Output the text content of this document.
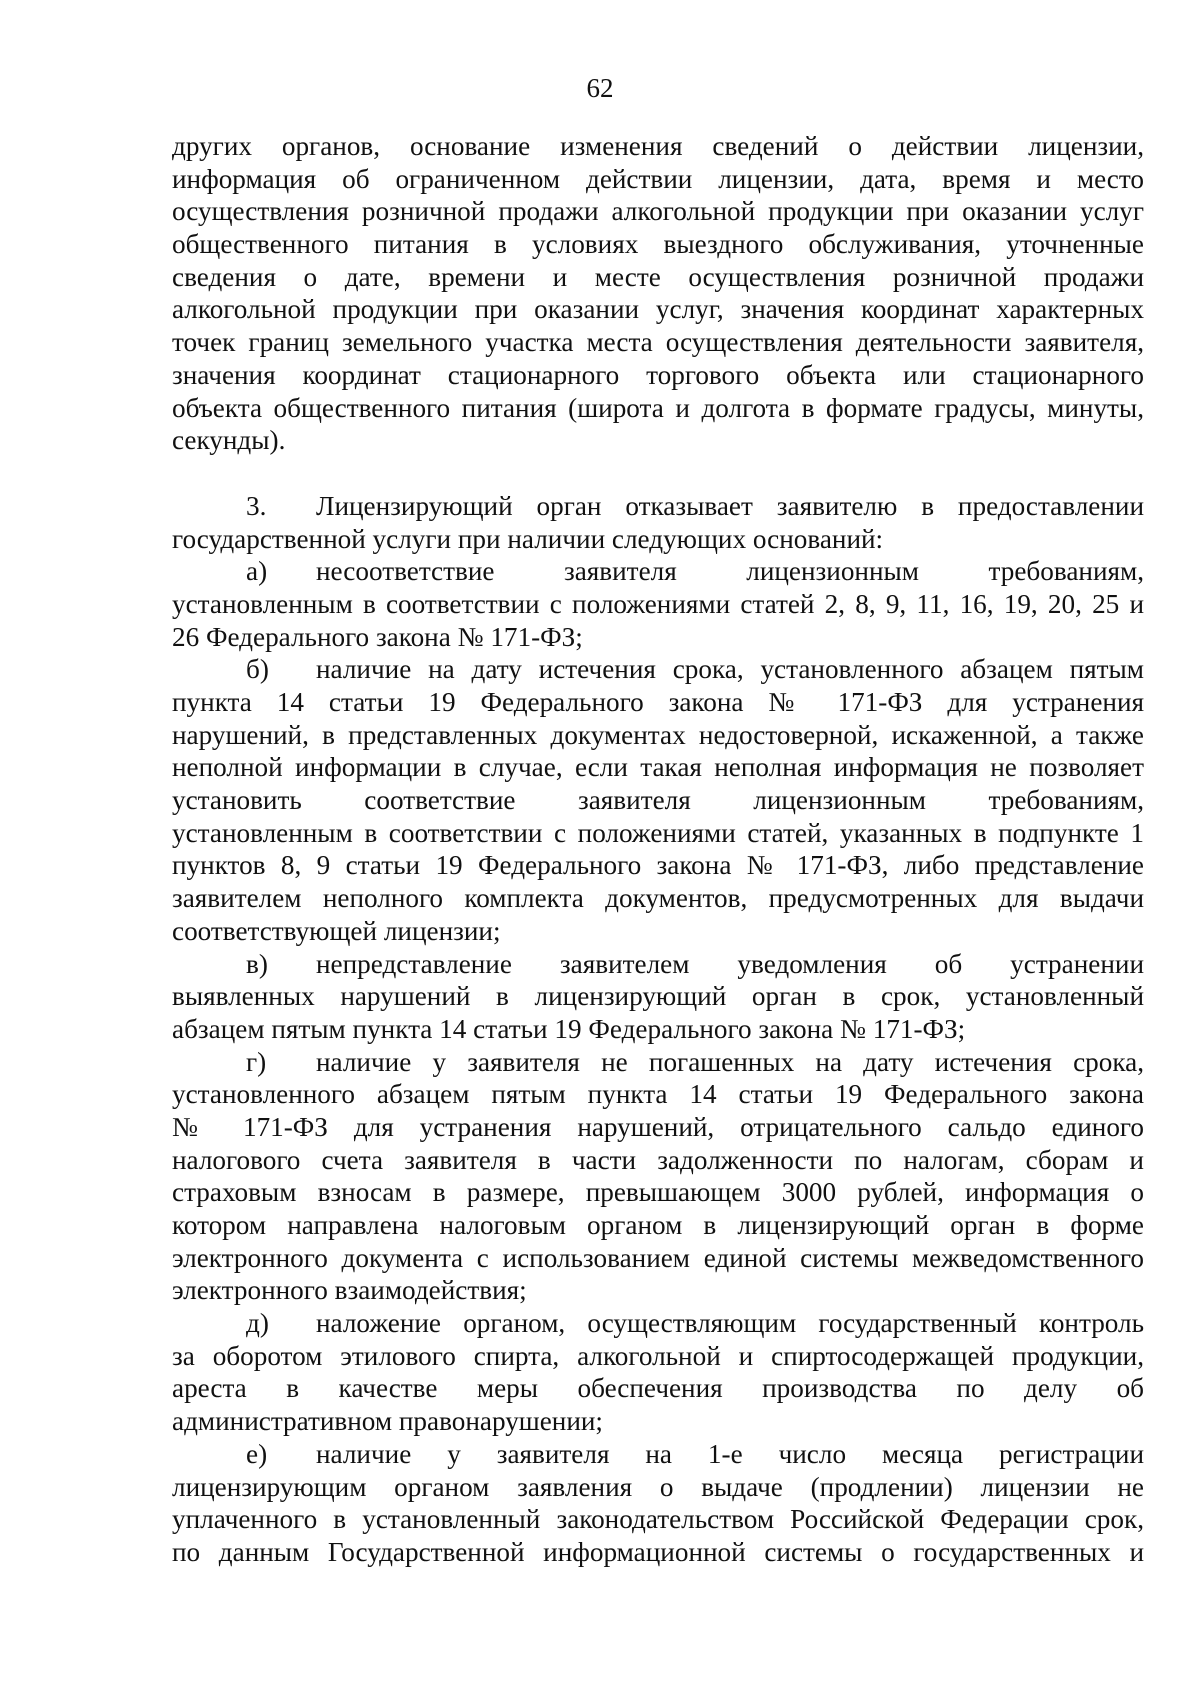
62
других органов, основание изменения сведений о действии лицензии,
информация об ограниченном действии лицензии, дата, время и место
осуществления розничной продажи алкогольной продукции при оказании услуг
общественного питания в условиях выездного обслуживания, уточненные
сведения о дате, времени и месте осуществления розничной продажи
алкогольной продукции при оказании услуг, значения координат характерных
точек границ земельного участка места осуществления деятельности заявителя,
значения координат стационарного торгового объекта или стационарного
объекта общественного питания (широта и долгота в формате градусы, минуты,
секунды).
3.	Лицензирующий орган отказывает заявителю в предоставлении
государственной услуги при наличии следующих оснований:
а)	несоответствие заявителя лицензионным требованиям,
установленным в соответствии с положениями статей 2, 8, 9, 11, 16, 19, 20, 25 и
26 Федерального закона № 171-ФЗ;
б)	наличие на дату истечения срока, установленного абзацем пятым
пункта 14 статьи 19 Федерального закона № 171-ФЗ для устранения
нарушений, в представленных документах недостоверной, искаженной, а также
неполной информации в случае, если такая неполная информация не позволяет
установить соответствие заявителя лицензионным требованиям,
установленным в соответствии с положениями статей, указанных в подпункте 1
пунктов 8, 9 статьи 19 Федерального закона № 171-ФЗ, либо представление
заявителем неполного комплекта документов, предусмотренных для выдачи
соответствующей лицензии;
в)	непредставление заявителем уведомления об устранении
выявленных нарушений в лицензирующий орган в срок, установленный
абзацем пятым пункта 14 статьи 19 Федерального закона № 171-ФЗ;
г)	наличие у заявителя не погашенных на дату истечения срока,
установленного абзацем пятым пункта 14 статьи 19 Федерального закона
№ 171-ФЗ для устранения нарушений, отрицательного сальдо единого
налогового счета заявителя в части задолженности по налогам, сборам и
страховым взносам в размере, превышающем 3000 рублей, информация о
котором направлена налоговым органом в лицензирующий орган в форме
электронного документа с использованием единой системы межведомственного
электронного взаимодействия;
д)	наложение органом, осуществляющим государственный контроль
за оборотом этилового спирта, алкогольной и спиртосодержащей продукции,
ареста в качестве меры обеспечения производства по делу об
административном правонарушении;
е)	наличие у заявителя на 1-е число месяца регистрации
лицензирующим органом заявления о выдаче (продлении) лицензии не
уплаченного в установленный законодательством Российской Федерации срок,
по данным Государственной информационной системы о государственных и
